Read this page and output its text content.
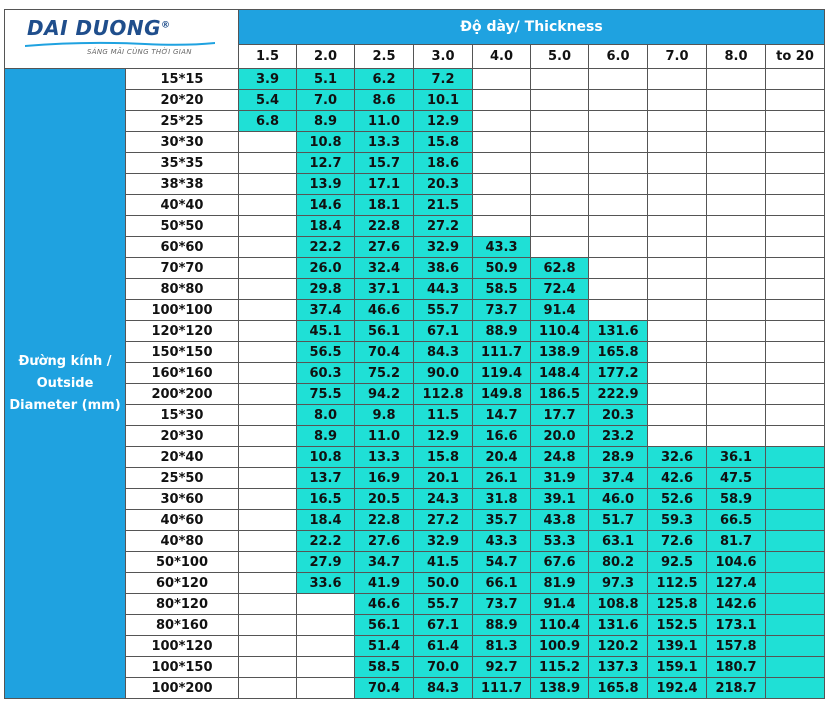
DAI DUONG®
SÁNG MÃI CÙNG THỜI GIAN		Độ dày/ Thickness									
		1.5	2.0	2.5	3.0	4.0	5.0	6.0	7.0	8.0	to 20
Đường kính / Outside Diameter (mm)	15*15	3.9	5.1	6.2	7.2						
	20*20	5.4	7.0	8.6	10.1						
	25*25	6.8	8.9	11.0	12.9						
	30*30		10.8	13.3	15.8						
	35*35		12.7	15.7	18.6						
	38*38		13.9	17.1	20.3						
	40*40		14.6	18.1	21.5						
	50*50		18.4	22.8	27.2						
	60*60		22.2	27.6	32.9	43.3					
	70*70		26.0	32.4	38.6	50.9	62.8				
	80*80		29.8	37.1	44.3	58.5	72.4				
	100*100		37.4	46.6	55.7	73.7	91.4				
	120*120		45.1	56.1	67.1	88.9	110.4	131.6			
	150*150		56.5	70.4	84.3	111.7	138.9	165.8			
	160*160		60.3	75.2	90.0	119.4	148.4	177.2			
	200*200		75.5	94.2	112.8	149.8	186.5	222.9			
	15*30		8.0	9.8	11.5	14.7	17.7	20.3			
	20*30		8.9	11.0	12.9	16.6	20.0	23.2			
	20*40		10.8	13.3	15.8	20.4	24.8	28.9	32.6	36.1	
	25*50		13.7	16.9	20.1	26.1	31.9	37.4	42.6	47.5	
	30*60		16.5	20.5	24.3	31.8	39.1	46.0	52.6	58.9	
	40*60		18.4	22.8	27.2	35.7	43.8	51.7	59.3	66.5	
	40*80		22.2	27.6	32.9	43.3	53.3	63.1	72.6	81.7	
	50*100		27.9	34.7	41.5	54.7	67.6	80.2	92.5	104.6	
	60*120		33.6	41.9	50.0	66.1	81.9	97.3	112.5	127.4	
	80*120			46.6	55.7	73.7	91.4	108.8	125.8	142.6	
	80*160			56.1	67.1	88.9	110.4	131.6	152.5	173.1	
	100*120			51.4	61.4	81.3	100.9	120.2	139.1	157.8	
	100*150			58.5	70.0	92.7	115.2	137.3	159.1	180.7	
	100*200			70.4	84.3	111.7	138.9	165.8	192.4	218.7	
